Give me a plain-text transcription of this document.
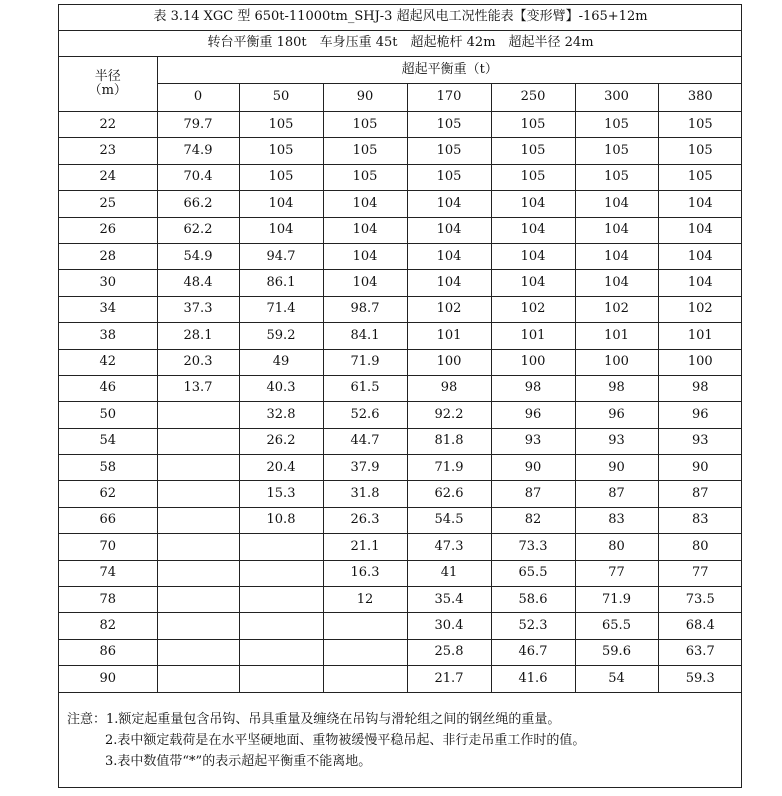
表 3.14 XGC 型 650t-11000tm_SHJ-3 超起风电工况性能表【变形臂】-165+12m							
转台平衡重 180t　车身压重 45t　超起桅杆 42m　超起半径 24m							

半径
（m）	超起平衡重（t）						
	0	50	90	170	250	300	380
22	79.7	105	105	105	105	105	105
23	74.9	105	105	105	105	105	105
24	70.4	105	105	105	105	105	105
25	66.2	104	104	104	104	104	104
26	62.2	104	104	104	104	104	104
28	54.9	94.7	104	104	104	104	104
30	48.4	86.1	104	104	104	104	104
34	37.3	71.4	98.7	102	102	102	102
38	28.1	59.2	84.1	101	101	101	101
42	20.3	49	71.9	100	100	100	100
46	13.7	40.3	61.5	98	98	98	98
50		32.8	52.6	92.2	96	96	96
54		26.2	44.7	81.8	93	93	93
58		20.4	37.9	71.9	90	90	90
62		15.3	31.8	62.6	87	87	87
66		10.8	26.3	54.5	82	83	83
70			21.1	47.3	73.3	80	80
74			16.3	41	65.5	77	77
78			12	35.4	58.6	71.9	73.5
82				30.4	52.3	65.5	68.4
86				25.8	46.7	59.6	63.7
90				21.7	41.6	54	59.3
注意：1.额定起重量包含吊钩、吊具重量及缠绕在吊钩与滑轮组之间的钢丝绳的重量。
2.表中额定载荷是在水平坚硬地面、重物被缓慢平稳吊起、非行走吊重工作时的值。
3.表中数值带“*”的表示超起平衡重不能离地。
